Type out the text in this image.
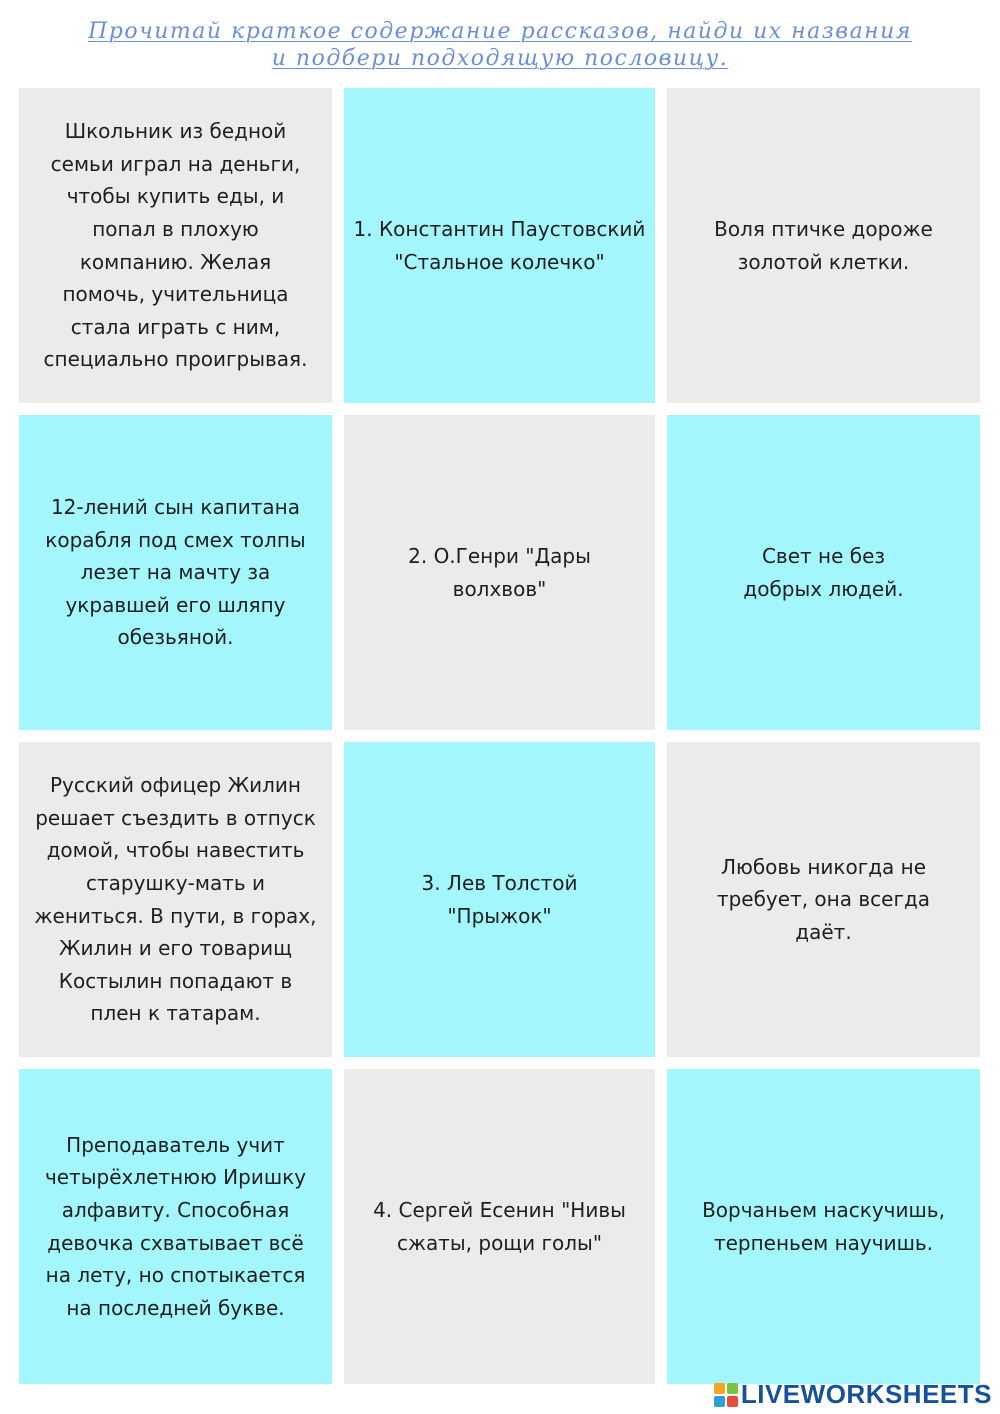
Прочитай краткое содержание рассказов, найди их названия
и подбери подходящую пословицу.
Школьник из бедной
семьи играл на деньги,
чтобы купить еды, и
попал в плохую
компанию. Желая
помочь, учительница
стала играть с ним,
специально проигрывая.
1. Константин Паустовский
"Стальное колечко"
Воля птичке дороже
золотой клетки.
12-лений сын капитана
корабля под смех толпы
лезет на мачту за
укравшей его шляпу
обезьяной.
2. О.Генри "Дары
волхвов"
Свет не без
добрых людей.
Русский офицер Жилин
решает съездить в отпуск
домой, чтобы навестить
старушку-мать и
жениться. В пути, в горах,
Жилин и его товарищ
Костылин попадают в
плен к татарам.
3. Лев Толстой
"Прыжок"
Любовь никогда не
требует, она всегда
даёт.
Преподаватель учит
четырёхлетнюю Иришку
алфавиту. Способная
девочка схватывает всё
на лету, но спотыкается
на последней букве.
4. Сергей Есенин "Нивы
сжаты, рощи голы"
Ворчаньем наскучишь,
терпеньем научишь.
LIVEWORKSHEETS
